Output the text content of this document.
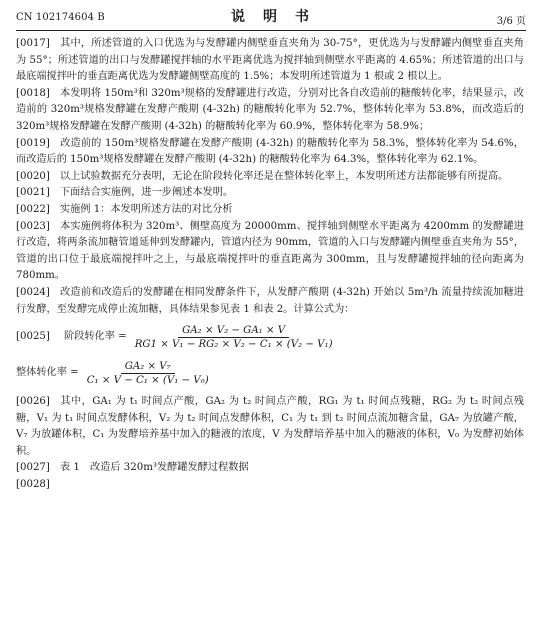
CN 102174604 B	说　明　书	3/6 页

[0017] 其中，所述管道的入口优选为与发酵罐内侧壁垂直夹角为 30-75°，更优选为与发酵罐内侧壁垂直夹角为 55°；所述管道的出口与发酵罐搅拌轴的水平距离优选为搅拌轴到侧壁水平距离的 4.65%；所述管道的出口与最底端搅拌叶的垂直距离优选为发酵罐侧壁高度的 1.5%；本发明所述管道为 1 根或 2 根以上。

[0018] 本发明将 150m³和 320m³规格的发酵罐进行改造，分别对比各自改造前的糖酸转化率，结果显示，改造前的 320m³规格发酵罐在发酵产酸期 (4-32h) 的糖酸转化率为 52.7%，整体转化率为 53.8%，而改造后的 320m³规格发酵罐在发酵产酸期 (4-32h) 的糖酸转化率为 60.9%，整体转化率为 58.9%；

[0019] 改造前的 150m³规格发酵罐在发酵产酸期 (4-32h) 的糖酸转化率为 58.3%，整体转化率为 54.6%，而改造后的 150m³规格发酵罐在发酵产酸期 (4-32h) 的糖酸转化率为 64.3%，整体转化率为 62.1%。

[0020] 以上试验数据充分表明，无论在阶段转化率还是在整体转化率上，本发明所述方法都能够有所提高。

[0021] 下面结合实施例，进一步阐述本发明。

[0022] 实施例 1：本发明所述方法的对比分析

[0023] 本实施例将体积为 320m³、侧壁高度为 20000mm、搅拌轴到侧壁水平距离为 4200mm 的发酵罐进行改造，将两条流加糖管道延伸到发酵罐内，管道内径为 90mm，管道的入口与发酵罐内侧壁垂直夹角为 55°，管道的出口位于最底端搅拌叶之上，与最底端搅拌叶的垂直距离为 300mm，且与发酵罐搅拌轴的径向距离为 780mm。

[0024] 改造前和改造后的发酵罐在相同发酵条件下，从发酵产酸期 (4-32h) 开始以 5m³/h 流量持续流加糖进行发酵，至发酵完成停止流加糖，具体结果参见表 1 和表 2。计算公式为：

[0025]	阶段转化率 = $\frac{\text{GA₂ × V₂ − GA₁ × V}}{\text{RG1 × V₁ − RG₂ × V₂ − C₁ × (V₂ − V₁)}}$
整体转化率 = $\frac{\text{GA₂ × V₇}}{\text{C₁ × V − C₁ × (V₁ − V₀)}}$

[0026] 其中，GA₁ 为 t₁ 时间点产酸，GA₂ 为 t₂ 时间点产酸，RG₁ 为 t₁ 时间点残糖，RG₂ 为 t₂ 时间点残糖，V₁ 为 t₁ 时间点发酵体积，V₂ 为 t₂ 时间点发酵体积，C₁ 为 t₁ 到 t₂ 时间点流加糖含量，GA₇ 为放罐产酸，V₇ 为放罐体积，C₁ 为发酵培养基中加入的糖液的浓度，V 为发酵培养基中加入的糖液的体积，V₀ 为发酵初始体积。

[0027] 表 1　改造后 320m³发酵罐发酵过程数据

[0028]
